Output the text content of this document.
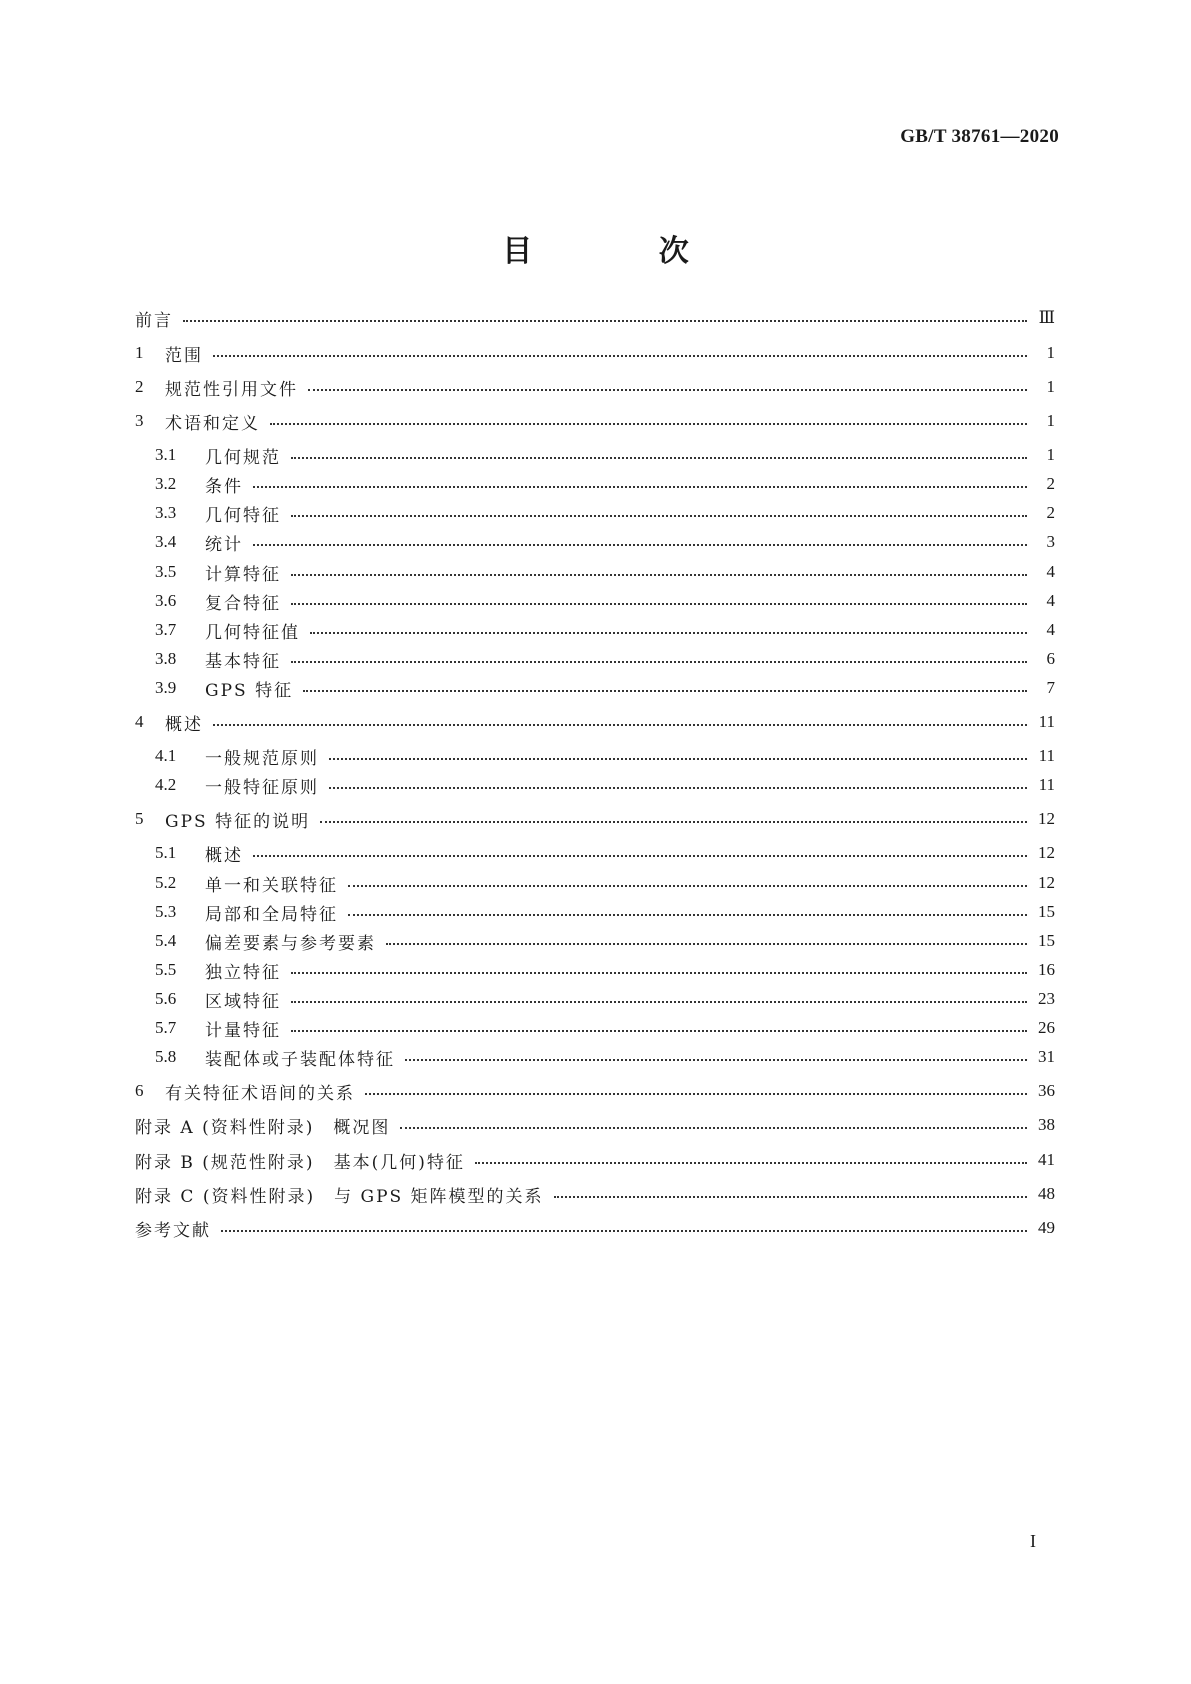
GB/T 38761—2020
目 次
前言	Ⅲ
1	范围	1
2	规范性引用文件	1
3	术语和定义	1
3.1	几何规范	1
3.2	条件	2
3.3	几何特征	2
3.4	统计	3
3.5	计算特征	4
3.6	复合特征	4
3.7	几何特征值	4
3.8	基本特征	6
3.9	GPS 特征	7
4	概述	11
4.1	一般规范原则	11
4.2	一般特征原则	11
5	GPS 特征的说明	12
5.1	概述	12
5.2	单一和关联特征	12
5.3	局部和全局特征	15
5.4	偏差要素与参考要素	15
5.5	独立特征	16
5.6	区域特征	23
5.7	计量特征	26
5.8	装配体或子装配体特征	31
6	有关特征术语间的关系	36
附录 A (资料性附录)　概况图	38
附录 B (规范性附录)　基本(几何)特征	41
附录 C (资料性附录)　与 GPS 矩阵模型的关系	48
参考文献	49
I
